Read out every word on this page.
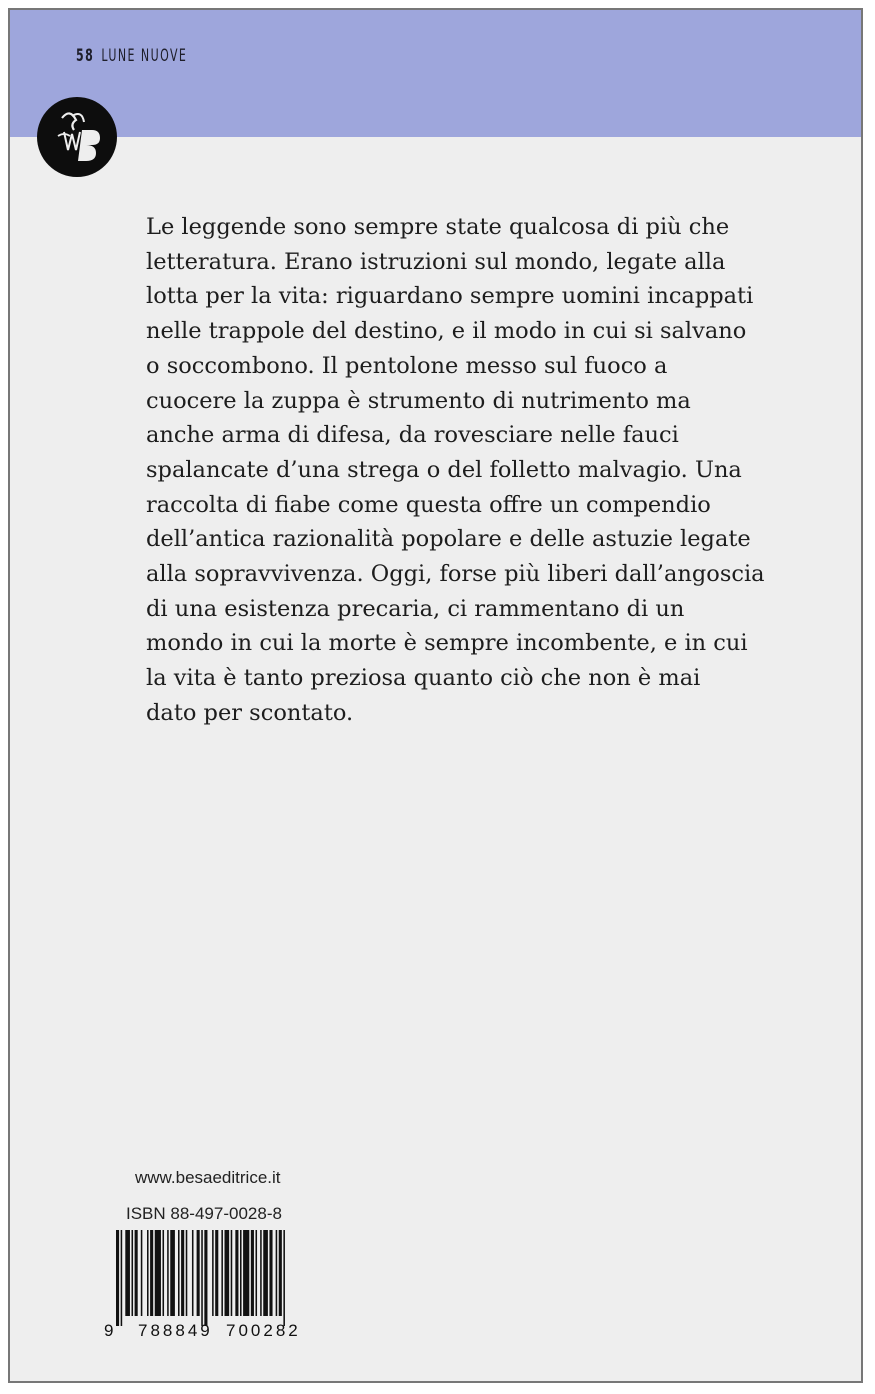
58 LUNE NUOVE

Le leggende sono sempre state qualcosa di più che
letteratura. Erano istruzioni sul mondo, legate alla
lotta per la vita: riguardano sempre uomini incappati
nelle trappole del destino, e il modo in cui si salvano
o soccombono. Il pentolone messo sul fuoco a
cuocere la zuppa è strumento di nutrimento ma
anche arma di difesa, da rovesciare nelle fauci
spalancate d’una strega o del folletto malvagio. Una
raccolta di fiabe come questa offre un compendio
dell’antica razionalità popolare e delle astuzie legate
alla sopravvivenza. Oggi, forse più liberi dall’angoscia
di una esistenza precaria, ci rammentano di un
mondo in cui la morte è sempre incombente, e in cui
la vita è tanto preziosa quanto ciò che non è mai
dato per scontato.

www.besaeditrice.it
ISBN 88-497-0028-8
9 788849 700282
